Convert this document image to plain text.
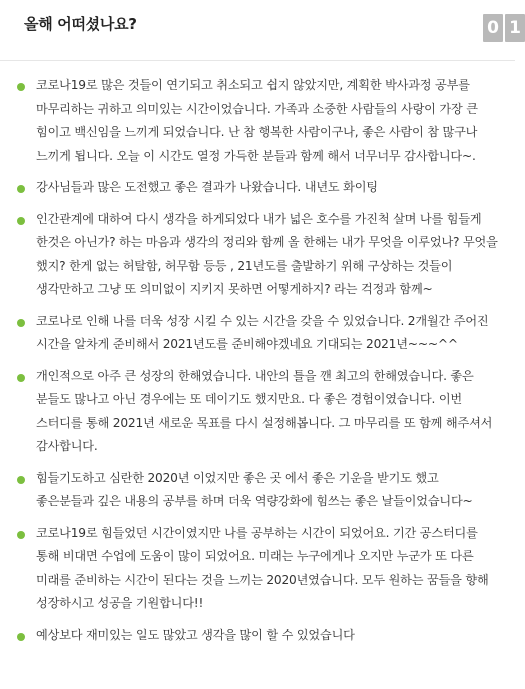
올해 어떠셨나요?	0 1
코로나19로 많은 것들이 연기되고 취소되고 쉽지 않았지만, 계획한 박사과정 공부를 마무리하는 귀하고 의미있는 시간이었습니다. 가족과 소중한 사람들의 사랑이 가장 큰 힘이고 백신임을 느끼게 되었습니다. 난 참 행복한 사람이구나, 좋은 사람이 참 많구나 느끼게 됩니다. 오늘 이 시간도 열정 가득한 분들과 함께 해서 너무너무 감사합니다~.
강사님들과 많은 도전했고 좋은 결과가 나왔습니다. 내년도 화이팅
인간관계에 대하여 다시 생각을 하게되었다 내가 넓은 호수를 가진척 살며 나를 힘들게 한것은 아닌가? 하는 마음과 생각의 정리와 함께 올 한해는 내가 무엇을 이루었나? 무엇을 했지? 한게 없는 허탈함, 허무함 등등 , 21년도를 출발하기 위해 구상하는 것들이 생각만하고 그냥 또 의미없이 지키지 못하면 어떻게하지? 라는 걱정과 함께~
코로나로 인해 나를 더욱 성장 시킬 수 있는 시간을 갖을 수 있었습니다. 2개월간 주어진 시간을 알차게 준비해서 2021년도를 준비해야겠네요 기대되는 2021년~~~^^
개인적으로 아주 큰 성장의 한해였습니다. 내안의 틀을 깬 최고의 한해였습니다. 좋은 분들도 많나고 아닌 경우에는 또 데이기도 했지만요. 다 좋은 경험이였습니다. 이번 스터디를 통해 2021년 새로운 목표를 다시 설정해봅니다. 그 마무리를 또 함께 해주셔서 감사합니다.
힘들기도하고 심란한 2020년 이었지만 좋은 곳 에서 좋은 기운을 받기도 했고 좋은분들과 깊은 내용의 공부를 하며 더욱 역량강화에 힘쓰는 좋은 날들이었습니다~
코로나19로 힘들었던 시간이였지만 나를 공부하는 시간이 되었어요. 기간 공스터디를 통해 비대면 수업에 도움이 많이 되었어요. 미래는 누구에게나 오지만 누군가 또 다른 미래를 준비하는 시간이 된다는 것을 느끼는 2020년였습니다. 모두 원하는 꿈들을 향해 성장하시고 성공을 기원합니다!!
예상보다 재미있는 일도 많았고 생각을 많이 할 수 있었습니다
